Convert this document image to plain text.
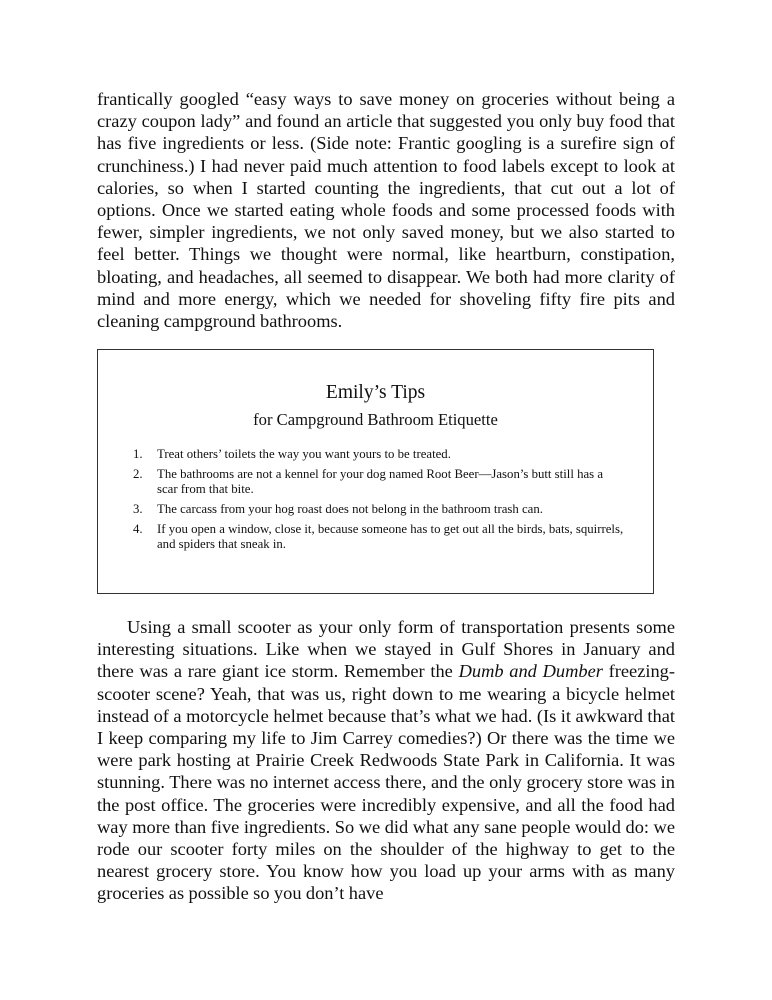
frantically googled “easy ways to save money on groceries without being a crazy coupon lady” and found an article that suggested you only buy food that has five ingredients or less. (Side note: Frantic googling is a surefire sign of crunchiness.) I had never paid much attention to food labels except to look at calories, so when I started counting the ingredients, that cut out a lot of options. Once we started eating whole foods and some processed foods with fewer, simpler ingredients, we not only saved money, but we also started to feel better. Things we thought were normal, like heartburn, constipation, bloating, and headaches, all seemed to disappear. We both had more clarity of mind and more energy, which we needed for shoveling fifty fire pits and cleaning campground bathrooms.

Emily’s Tips
for Campground Bathroom Etiquette
1. Treat others’ toilets the way you want yours to be treated.
2. The bathrooms are not a kennel for your dog named Root Beer—Jason’s butt still has a scar from that bite.
3. The carcass from your hog roast does not belong in the bathroom trash can.
4. If you open a window, close it, because someone has to get out all the birds, bats, squirrels, and spiders that sneak in.

Using a small scooter as your only form of transportation presents some interesting situations. Like when we stayed in Gulf Shores in January and there was a rare giant ice storm. Remember the Dumb and Dumber freezing-scooter scene? Yeah, that was us, right down to me wearing a bicycle helmet instead of a motorcycle helmet because that’s what we had. (Is it awkward that I keep comparing my life to Jim Carrey comedies?) Or there was the time we were park hosting at Prairie Creek Redwoods State Park in California. It was stunning. There was no internet access there, and the only grocery store was in the post office. The groceries were incredibly expensive, and all the food had way more than five ingredients. So we did what any sane people would do: we rode our scooter forty miles on the shoulder of the highway to get to the nearest grocery store. You know how you load up your arms with as many groceries as possible so you don’t have
